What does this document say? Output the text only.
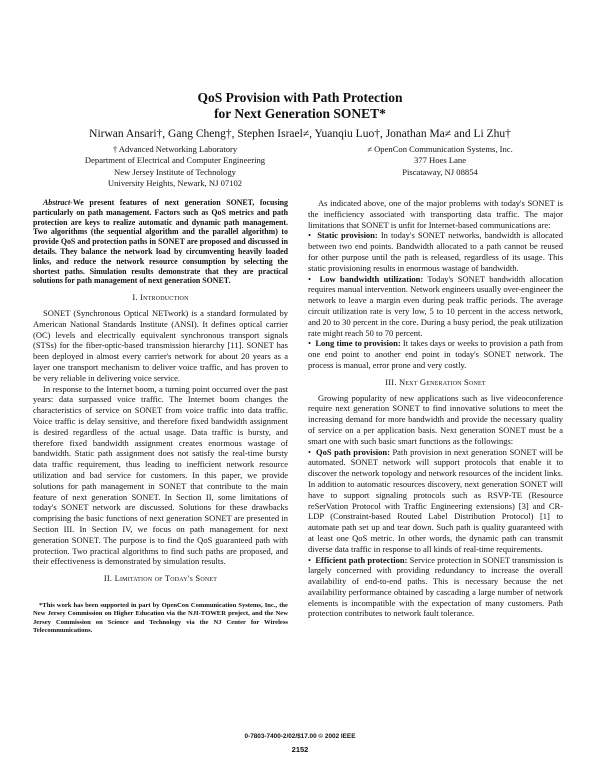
QoS Provision with Path Protection
for Next Generation SONET*
Nirwan Ansari†, Gang Cheng†, Stephen Israel≠, Yuanqiu Luo†, Jonathan Ma≠ and Li Zhu†
† Advanced Networking Laboratory
Department of Electrical and Computer Engineering
New Jersey Institute of Technology
University Heights, Newark, NJ 07102
≠ OpenCon Communication Systems, Inc.
377 Hoes Lane
Piscataway, NJ 08854

Abstract-We present features of next generation SONET, focusing particularly on path management. Factors such as QoS metrics and path protection are keys to realize automatic and dynamic path management. Two algorithms (the sequential algorithm and the parallel algorithm) to provide QoS and protection paths in SONET are proposed and discussed in details. They balance the network load by circumventing heavily loaded links, and reduce the network resource consumption by selecting the shortest paths. Simulation results demonstrate that they are practical solutions for path management of next generation SONET.

I. Introduction

SONET (Synchronous Optical NETwork) is a standard formulated by American National Standards Institute (ANSI). It defines optical carrier (OC) levels and electrically equivalent synchronous transport signals (STSs) for the fiber-optic-based transmission hierarchy [11]. SONET has been deployed in almost every carrier's network for about 20 years as a layer one transport mechanism to deliver voice traffic, and has proven to be very reliable in delivering voice service.

In response to the Internet boom, a turning point occurred over the past years: data surpassed voice traffic. The Internet boom changes the characteristics of service on SONET from voice traffic into data traffic. Voice traffic is delay sensitive, and therefore fixed bandwidth assignment is desired regardless of the actual usage. Data traffic is bursty, and therefore fixed bandwidth assignment creates enormous wastage of bandwidth. Static path assignment does not satisfy the real-time bursty data traffic requirement, thus leading to inefficient network resource utilization and bad service for customers. In this paper, we provide solutions for path management in SONET that contribute to the main feature of next generation SONET. In Section II, some limitations of today's SONET network are discussed. Solutions for these drawbacks comprising the basic functions of next generation SONET are presented in Section III. In Section IV, we focus on path management for next generation SONET. The purpose is to find the QoS guaranteed path with protection. Two practical algorithms to find such paths are proposed, and their effectiveness is demonstrated by simulation results.

II. Limitation of Today's Sonet

*This work has been supported in part by OpenCon Communication Systems, Inc., the New Jersey Commission on Higher Education via the NJI-TOWER project, and the New Jersey Commission on Science and Technology via the NJ Center for Wireless Telecommunications.

As indicated above, one of the major problems with today's SONET is the inefficiency associated with transporting data traffic. The major limitations that SONET is unfit for Internet-based communications are:

•  Static provision: In today's SONET networks, bandwidth is allocated between two end points. Bandwidth allocated to a path cannot be reused for other purpose until the path is released, regardless of its usage. This static provisioning results in enormous wastage of bandwidth.

•  Low bandwidth utilization: Today's SONET bandwidth allocation requires manual intervention. Network engineers usually over-engineer the network to leave a margin even during peak traffic periods. The average circuit utilization rate is very low, 5 to 10 percent in the access network, and 20 to 30 percent in the core. During a busy period, the peak utilization rate might reach 50 to 70 percent.

•  Long time to provision: It takes days or weeks to provision a path from one end point to another end point in today's SONET network. The process is manual, error prone and very costly.

III. Next Generation Sonet

Growing popularity of new applications such as live videoconference require next generation SONET to find innovative solutions to meet the increasing demand for more bandwidth and provide the necessary quality of service on a per application basis. Next generation SONET must be a smart one with such basic smart functions as the followings:

•  QoS path provision: Path provision in next generation SONET will be automated. SONET network will support protocols that enable it to discover the network topology and network resources of the incident links. In addition to automatic resources discovery, next generation SONET will have to support signaling protocols such as RSVP-TE (Resource reSerVation Protocol with Traffic Engineering extensions) [3] and CR-LDP (Constraint-based Routed Label Distribution Protocol) [1] to automate path set up and tear down. Such path is quality guaranteed with at least one QoS metric. In other words, the dynamic path can transmit diverse data traffic in response to all kinds of real-time requirements.

•  Efficient path protection: Service protection in SONET transmission is largely concerned with providing redundancy to increase the overall availability of end-to-end paths. This is necessary because the net availability performance obtained by cascading a large number of network elements is incompatible with the expectation of many customers. Path protection contributes to network fault tolerance.

0-7803-7400-2/02/$17.00 © 2002 IEEE
2152
